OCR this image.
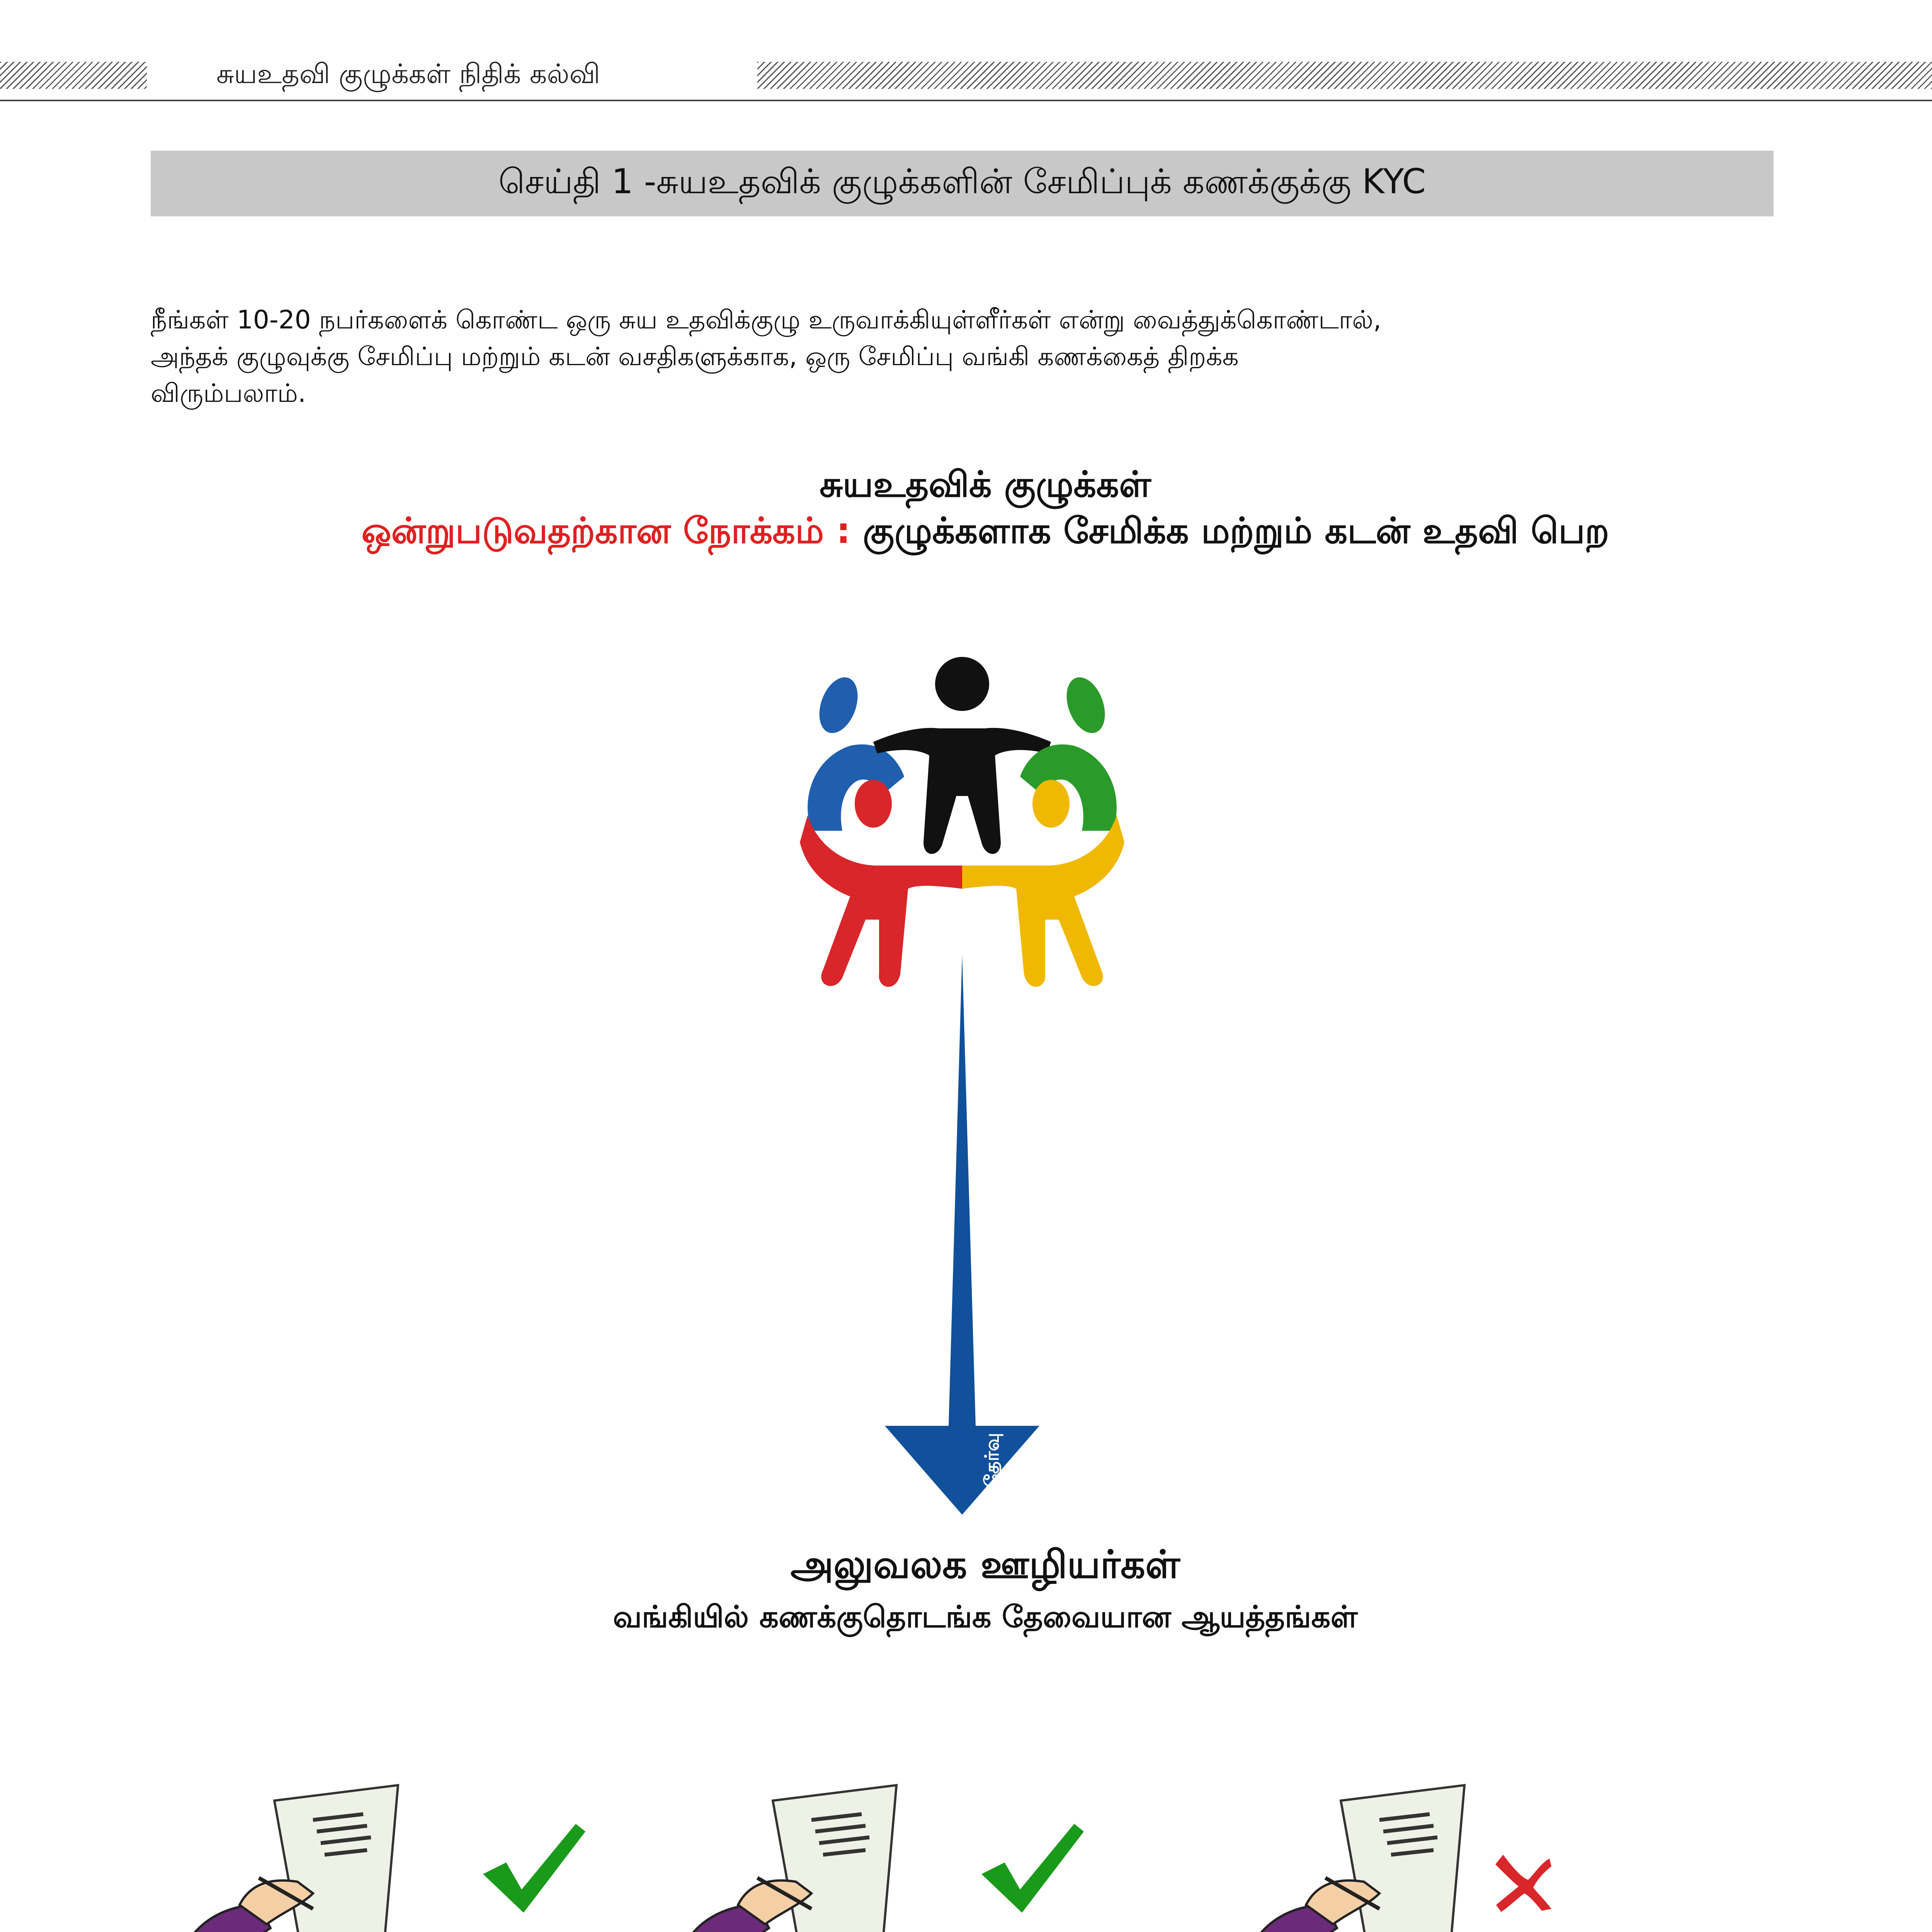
சுயஉதவி குழுக்கள் நிதிக் கல்வி
செய்தி 1 -சுயஉதவிக் குழுக்களின் சேமிப்புக் கணக்குக்கு KYC
நீங்கள் 10-20 நபர்களைக் கொண்ட ஒரு சுய உதவிக்குழு உருவாக்கியுள்ளீர்கள் என்று வைத்துக்கொண்டால்,
அந்தக் குழுவுக்கு சேமிப்பு மற்றும் கடன் வசதிகளுக்காக, ஒரு சேமிப்பு வங்கி கணக்கைத் திறக்க
விரும்பலாம்.
சுயஉதவிக் குழுக்கள்
ஒன்றுபடுவதற்கான நோக்கம் : குழுக்களாக சேமிக்க மற்றும் கடன் உதவி பெற
தேர்வு / நிர்ணயம் / நியமனம்
அலுவலக ஊழியர்கள்
வங்கியில் கணக்குதொடங்க தேவையான ஆயத்தங்கள்
